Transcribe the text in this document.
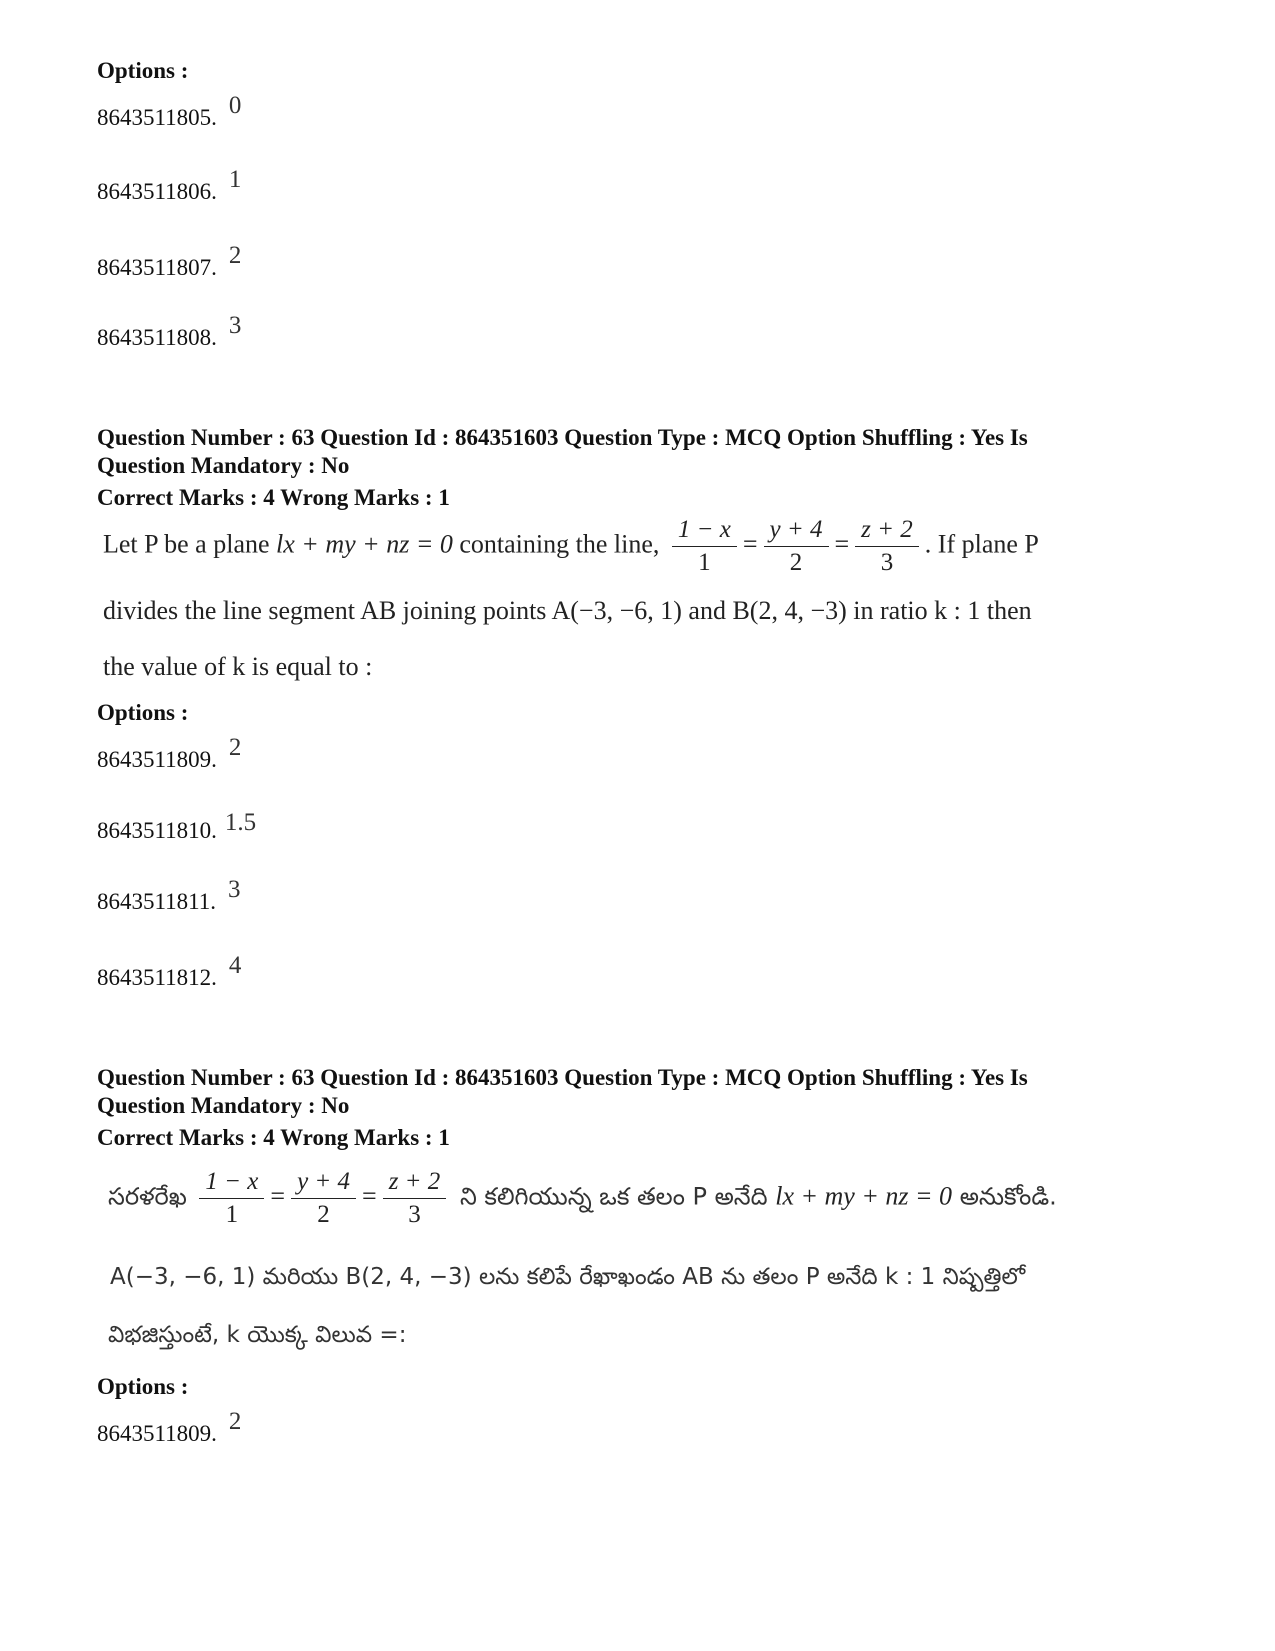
Options :
8643511805. 0
8643511806. 1
8643511807. 2
8643511808. 3
Question Number : 63 Question Id : 864351603 Question Type : MCQ Option Shuffling : Yes Is
Question Mandatory : No
Correct Marks : 4 Wrong Marks : 1
Let P be a plane lx + my + nz = 0 containing the line, $\frac{1 - x}{1} = \frac{y + 4}{2} = \frac{z + 2}{3}$ . If plane P
divides the line segment AB joining points A(−3, −6, 1) and B(2, 4, −3) in ratio k : 1 then
the value of k is equal to :
Options :
8643511809. 2
8643511810. 1.5
8643511811. 3
8643511812. 4
Question Number : 63 Question Id : 864351603 Question Type : MCQ Option Shuffling : Yes Is
Question Mandatory : No
Correct Marks : 4 Wrong Marks : 1
సరళరేఖ $\frac{1 - x}{1} = \frac{y + 4}{2} = \frac{z + 2}{3}$ ని కలిగియున్న ఒక తలం P అనేది lx + my + nz = 0 అనుకోండి.
A(−3, −6, 1) మరియు B(2, 4, −3) లను కలిపే రేఖాఖండం AB ను తలం P అనేది k : 1 నిష్పత్తిలో
విభజిస్తుంటే, k యొక్క విలువ =:
Options :
8643511809. 2
